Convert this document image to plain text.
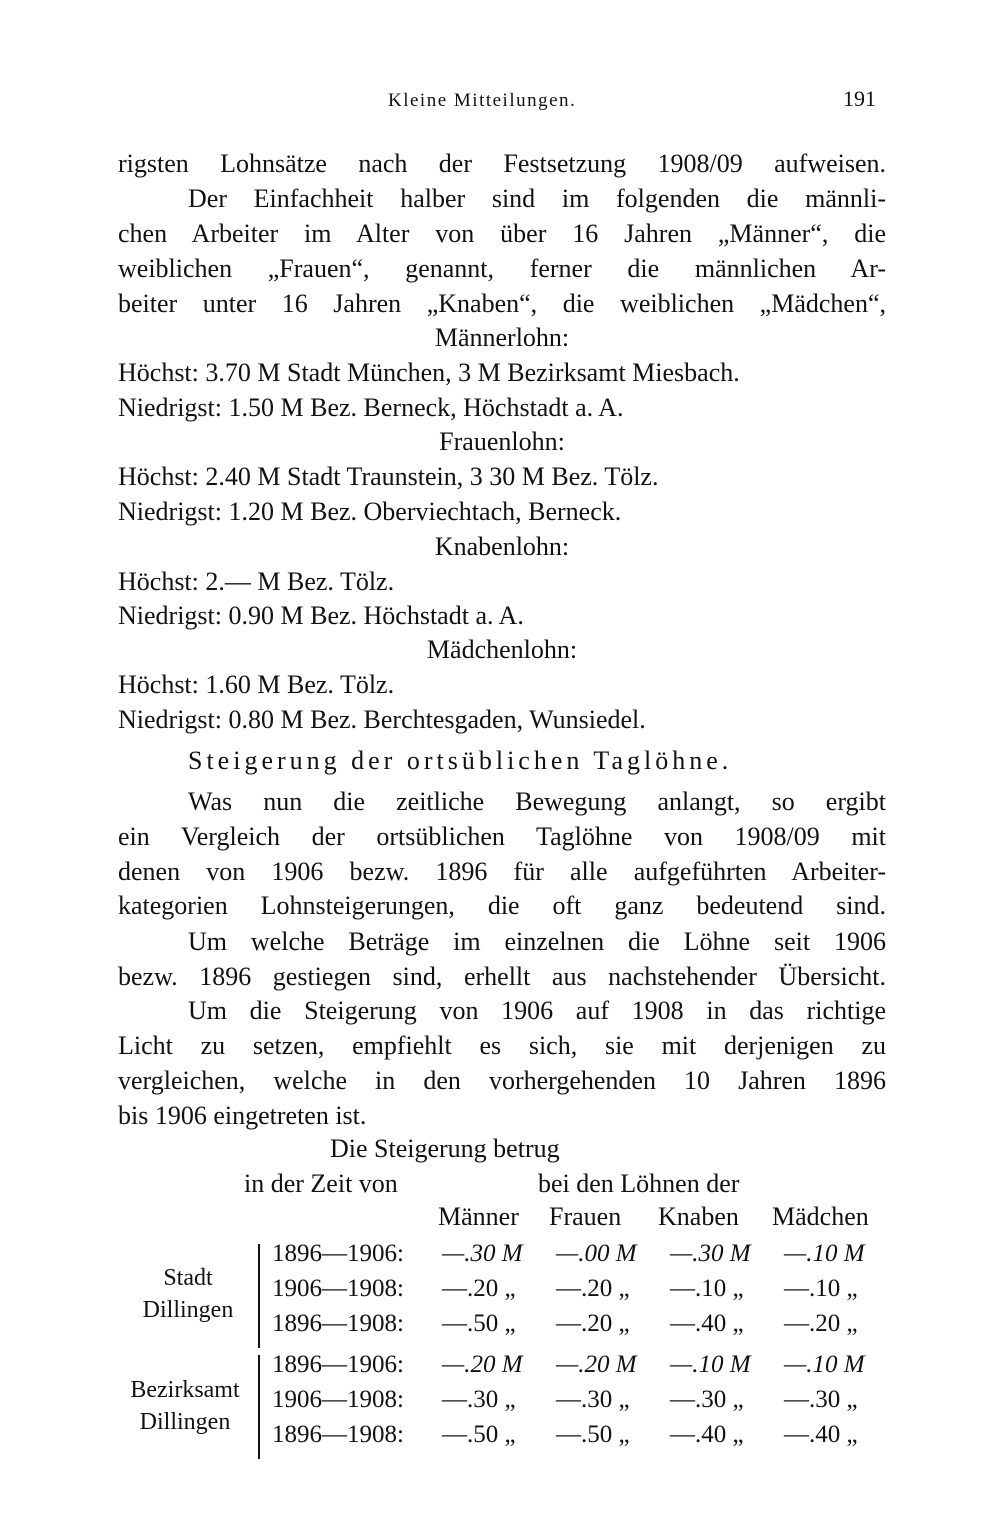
Kleine Mitteilungen.	191
rigsten Lohnsätze nach der Festsetzung 1908/09 aufweisen.
Der Einfachheit halber sind im folgenden die männli-
chen Arbeiter im Alter von über 16 Jahren „Männer“, die
weiblichen „Frauen“, genannt, ferner die männlichen Ar-
beiter unter 16 Jahren „Knaben“, die weiblichen „Mädchen“,
Männerlohn:
Höchst: 3.70 M Stadt München, 3 M Bezirksamt Miesbach.
Niedrigst: 1.50 M Bez. Berneck, Höchstadt a. A.
Frauenlohn:
Höchst: 2.40 M Stadt Traunstein, 3 30 M Bez. Tölz.
Niedrigst: 1.20 M Bez. Oberviechtach, Berneck.
Knabenlohn:
Höchst: 2.— M Bez. Tölz.
Niedrigst: 0.90 M Bez. Höchstadt a. A.
Mädchenlohn:
Höchst: 1.60 M Bez. Tölz.
Niedrigst: 0.80 M Bez. Berchtesgaden, Wunsiedel.
Steigerung der ortsüblichen Taglöhne.
Was nun die zeitliche Bewegung anlangt, so ergibt
ein Vergleich der ortsüblichen Taglöhne von 1908/09 mit
denen von 1906 bezw. 1896 für alle aufgeführten Arbeiter-
kategorien Lohnsteigerungen, die oft ganz bedeutend sind.
Um welche Beträge im einzelnen die Löhne seit 1906
bezw. 1896 gestiegen sind, erhellt aus nachstehender Übersicht.
Um die Steigerung von 1906 auf 1908 in das richtige
Licht zu setzen, empfiehlt es sich, sie mit derjenigen zu
vergleichen, welche in den vorhergehenden 10 Jahren 1896
bis 1906 eingetreten ist.
Die Steigerung betrug
in der Zeit von	bei den Löhnen der
Männer Frauen Knaben Mädchen
Stadt
Dillingen
1896—1906: —.30 M —.00 M —.30 M —.10 M
1906—1908: —.20 „ —.20 „ —.10 „ —.10 „
1896—1908: —.50 „ —.20 „ —.40 „ —.20 „
Bezirksamt
Dillingen
1896—1906: —.20 M —.20 M —.10 M —.10 M
1906—1908: —.30 „ —.30 „ —.30 „ —.30 „
1896—1908: —.50 „ —.50 „ —.40 „ —.40 „
